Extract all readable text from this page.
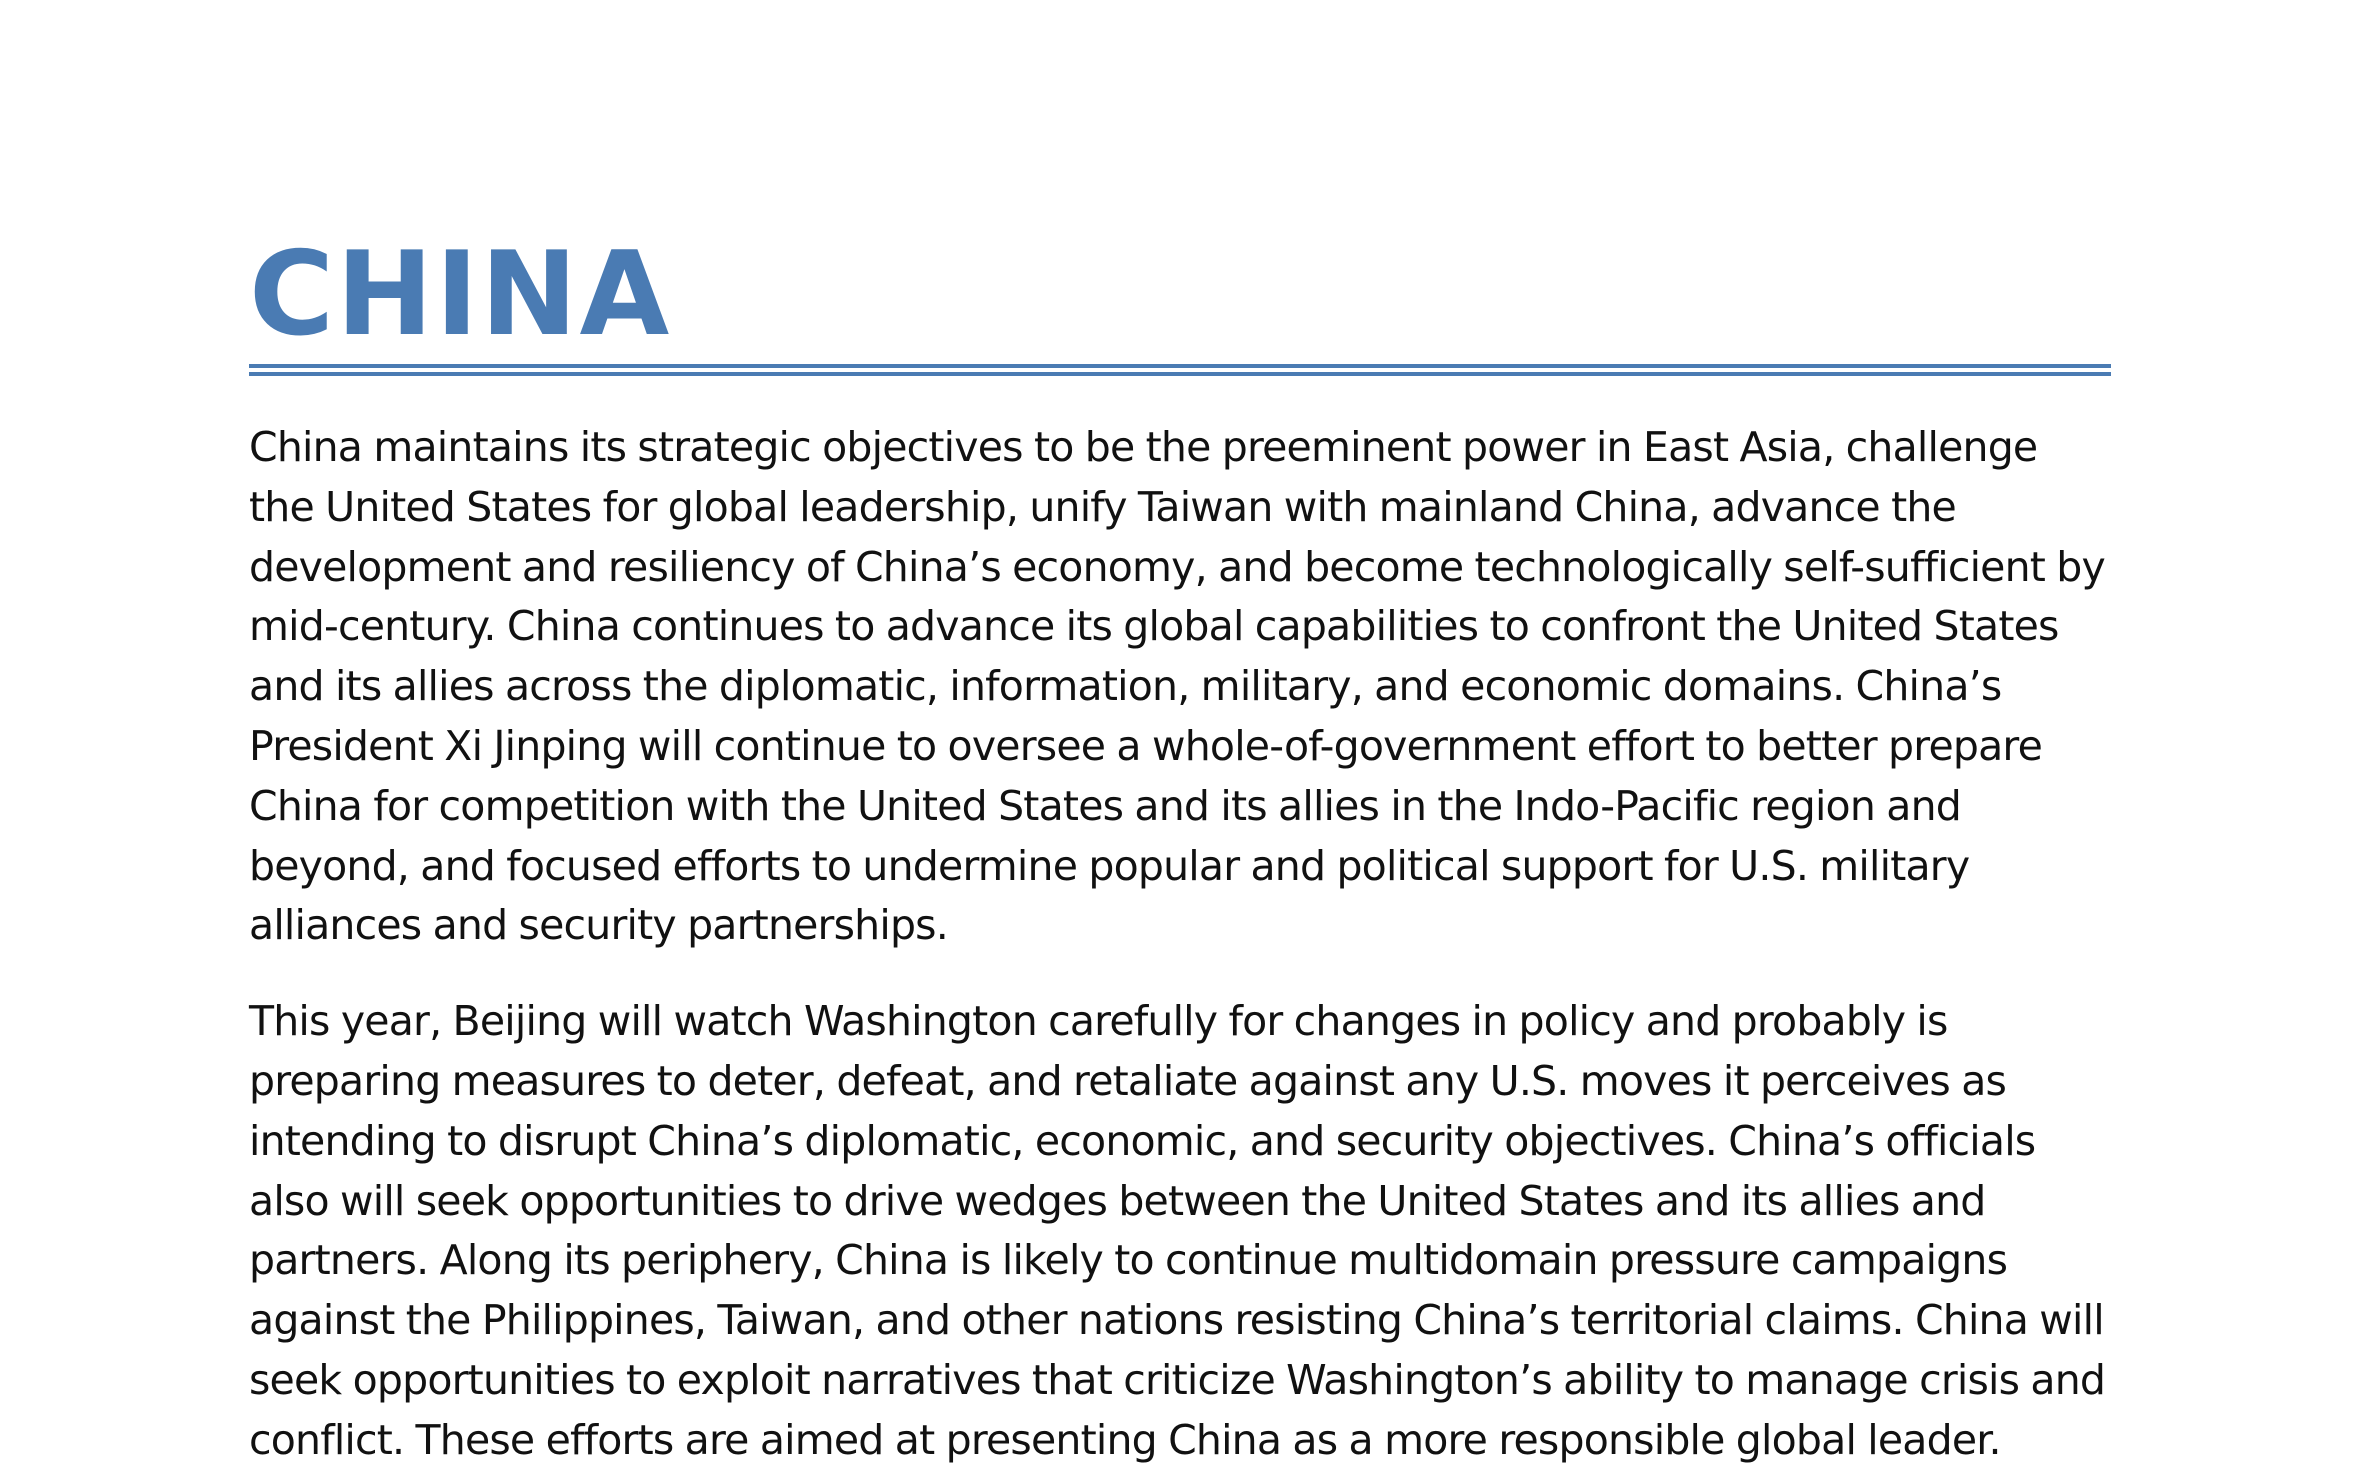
CHINA

China maintains its strategic objectives to be the preeminent power in East Asia, challenge the United States for global leadership, unify Taiwan with mainland China, advance the development and resiliency of China’s economy, and become technologically self-sufficient by mid-century. China continues to advance its global capabilities to confront the United States and its allies across the diplomatic, information, military, and economic domains. China’s President Xi Jinping will continue to oversee a whole-of-government effort to better prepare China for competition with the United States and its allies in the Indo-Pacific region and beyond, and focused efforts to undermine popular and political support for U.S. military alliances and security partnerships.

This year, Beijing will watch Washington carefully for changes in policy and probably is preparing measures to deter, defeat, and retaliate against any U.S. moves it perceives as intending to disrupt China’s diplomatic, economic, and security objectives. China’s officials also will seek opportunities to drive wedges between the United States and its allies and partners. Along its periphery, China is likely to continue multidomain pressure campaigns against the Philippines, Taiwan, and other nations resisting China’s territorial claims. China will seek opportunities to exploit narratives that criticize Washington’s ability to manage crisis and conflict. These efforts are aimed at presenting China as a more responsible global leader.
